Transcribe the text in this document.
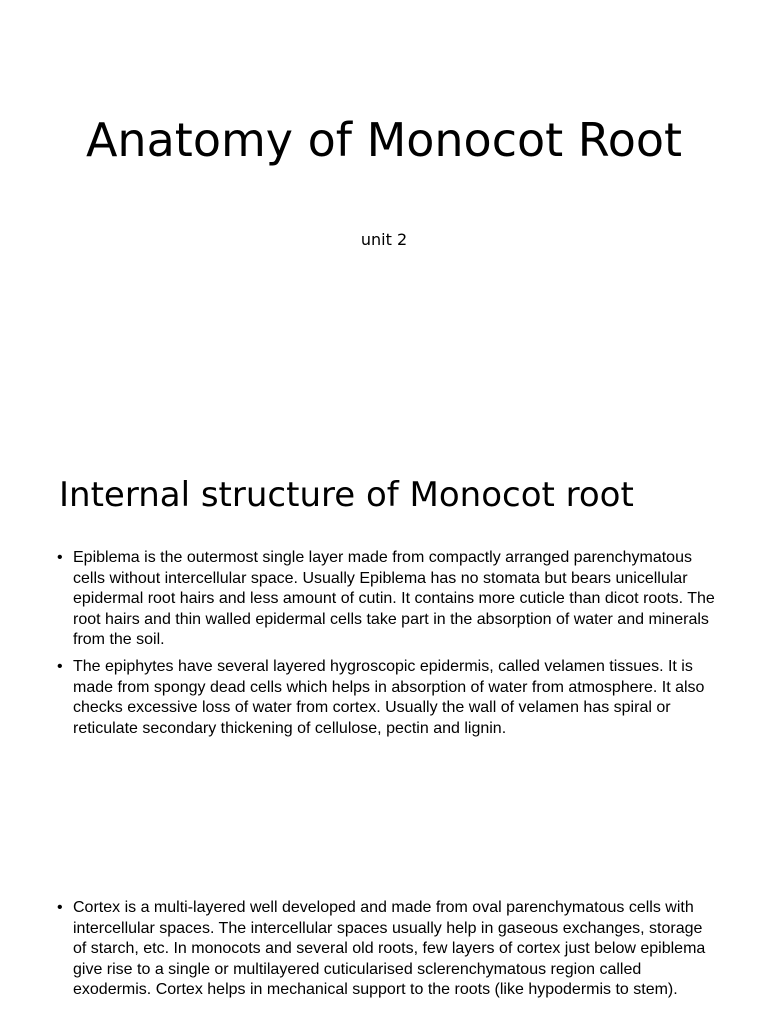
Anatomy of Monocot Root

unit 2

Internal structure of Monocot root
• Epiblema is the outermost single layer made from compactly arranged parenchymatous cells without intercellular space. Usually Epiblema has no stomata but bears unicellular epidermal root hairs and less amount of cutin. It contains more cuticle than dicot roots. The root hairs and thin walled epidermal cells take part in the absorption of water and minerals from the soil.
• The epiphytes have several layered hygroscopic epidermis, called velamen tissues. It is made from spongy dead cells which helps in absorption of water from atmosphere. It also checks excessive loss of water from cortex. Usually the wall of velamen has spiral or reticulate secondary thickening of cellulose, pectin and lignin.
• Cortex is a multi-layered well developed and made from oval parenchymatous cells with intercellular spaces. The intercellular spaces usually help in gaseous exchanges, storage of starch, etc. In monocots and several old roots, few layers of cortex just below epiblema give rise to a single or multilayered cuticularised sclerenchymatous region called exodermis. Cortex helps in mechanical support to the roots (like hypodermis to stem).
